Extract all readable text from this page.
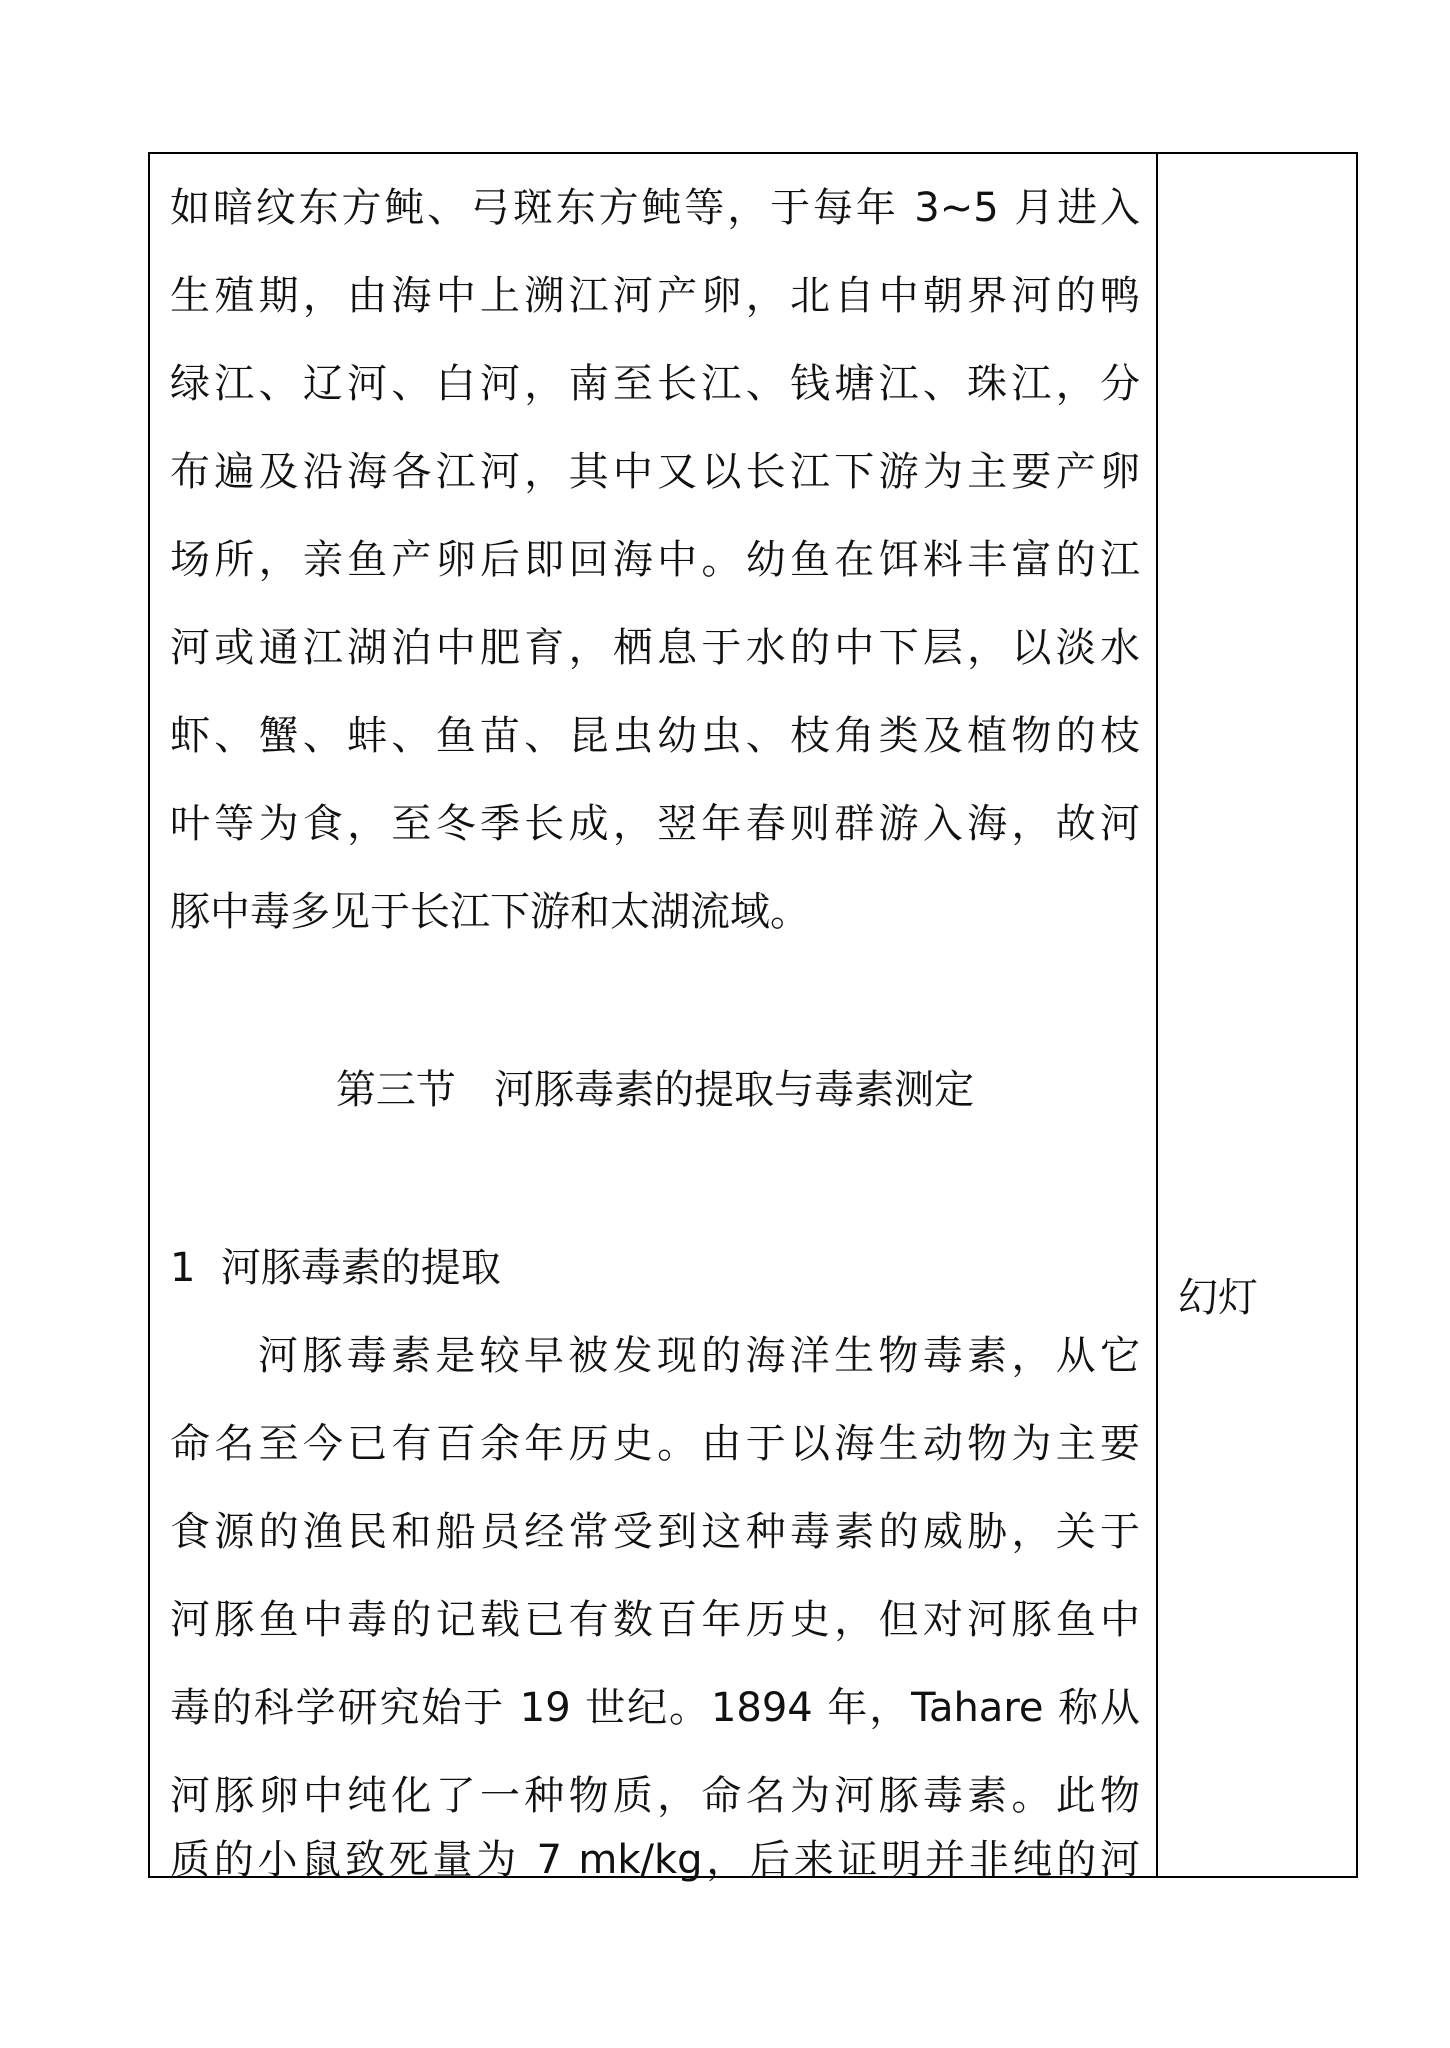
如暗纹东方鲀、弓斑东方鲀等，于每年 3~5 月进入
生殖期，由海中上溯江河产卵，北自中朝界河的鸭
绿江、辽河、白河，南至长江、钱塘江、珠江，分
布遍及沿海各江河，其中又以长江下游为主要产卵
场所，亲鱼产卵后即回海中。幼鱼在饵料丰富的江
河或通江湖泊中肥育，栖息于水的中下层，以淡水
虾、蟹、蚌、鱼苗、昆虫幼虫、枝角类及植物的枝
叶等为食，至冬季长成，翌年春则群游入海，故河
豚中毒多见于长江下游和太湖流域。
第三节   河豚毒素的提取与毒素测定
1  河豚毒素的提取
河豚毒素是较早被发现的海洋生物毒素，从它
命名至今已有百余年历史。由于以海生动物为主要
食源的渔民和船员经常受到这种毒素的威胁，关于
河豚鱼中毒的记载已有数百年历史，但对河豚鱼中
毒的科学研究始于 19 世纪。1894 年，Tahare 称从
河豚卵中纯化了一种物质，命名为河豚毒素。此物
质的小鼠致死量为 7 mk/kg，后来证明并非纯的河
幻灯
